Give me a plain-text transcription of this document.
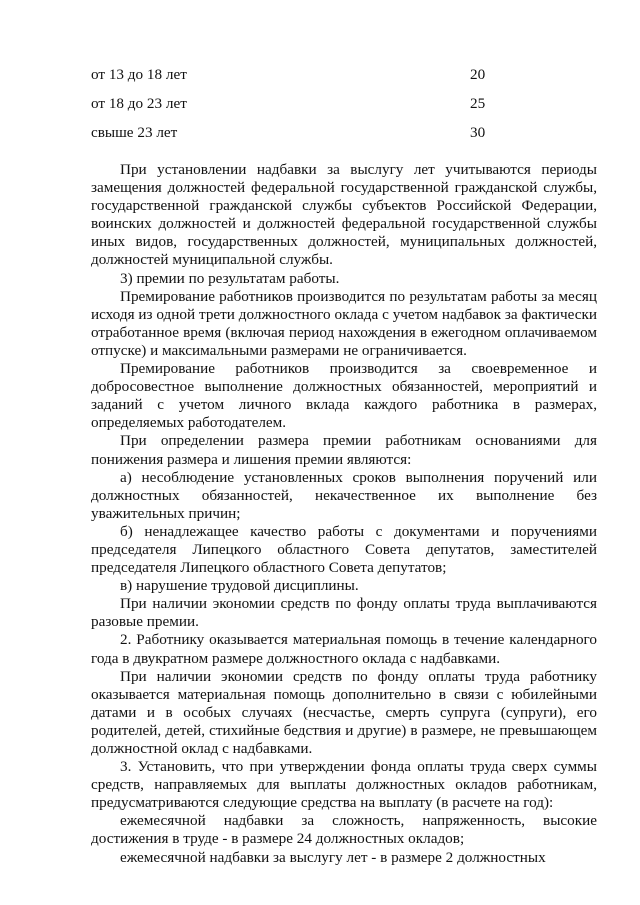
от 13 до 18 лет	20
от 18 до 23 лет	25
свыше 23 лет	30

При установлении надбавки за выслугу лет учитываются периоды замещения должностей федеральной государственной гражданской службы, государственной гражданской службы субъектов Российской Федерации, воинских должностей и должностей федеральной государственной службы иных видов, государственных должностей, муниципальных должностей, должностей муниципальной службы.

3) премии по результатам работы.

Премирование работников производится по результатам работы за месяц исходя из одной трети должностного оклада с учетом надбавок за фактически отработанное время (включая период нахождения в ежегодном оплачиваемом отпуске) и максимальными размерами не ограничивается.

Премирование работников производится за своевременное и добросовестное выполнение должностных обязанностей, мероприятий и заданий с учетом личного вклада каждого работника в размерах, определяемых работодателем.

При определении размера премии работникам основаниями для понижения размера и лишения премии являются:

а) несоблюдение установленных сроков выполнения поручений или должностных обязанностей, некачественное их выполнение без уважительных причин;

б) ненадлежащее качество работы с документами и поручениями председателя Липецкого областного Совета депутатов, заместителей председателя Липецкого областного Совета депутатов;

в) нарушение трудовой дисциплины.

При наличии экономии средств по фонду оплаты труда выплачиваются разовые премии.

2. Работнику оказывается материальная помощь в течение календарного года в двукратном размере должностного оклада с надбавками.

При наличии экономии средств по фонду оплаты труда работнику оказывается материальная помощь дополнительно в связи с юбилейными датами и в особых случаях (несчастье, смерть супруга (супруги), его родителей, детей, стихийные бедствия и другие) в размере, не превышающем должностной оклад с надбавками.

3. Установить, что при утверждении фонда оплаты труда сверх суммы средств, направляемых для выплаты должностных окладов работникам, предусматриваются следующие средства на выплату (в расчете на год):

ежемесячной надбавки за сложность, напряженность, высокие достижения в труде - в размере 24 должностных окладов;

ежемесячной надбавки за выслугу лет - в размере 2 должностных
